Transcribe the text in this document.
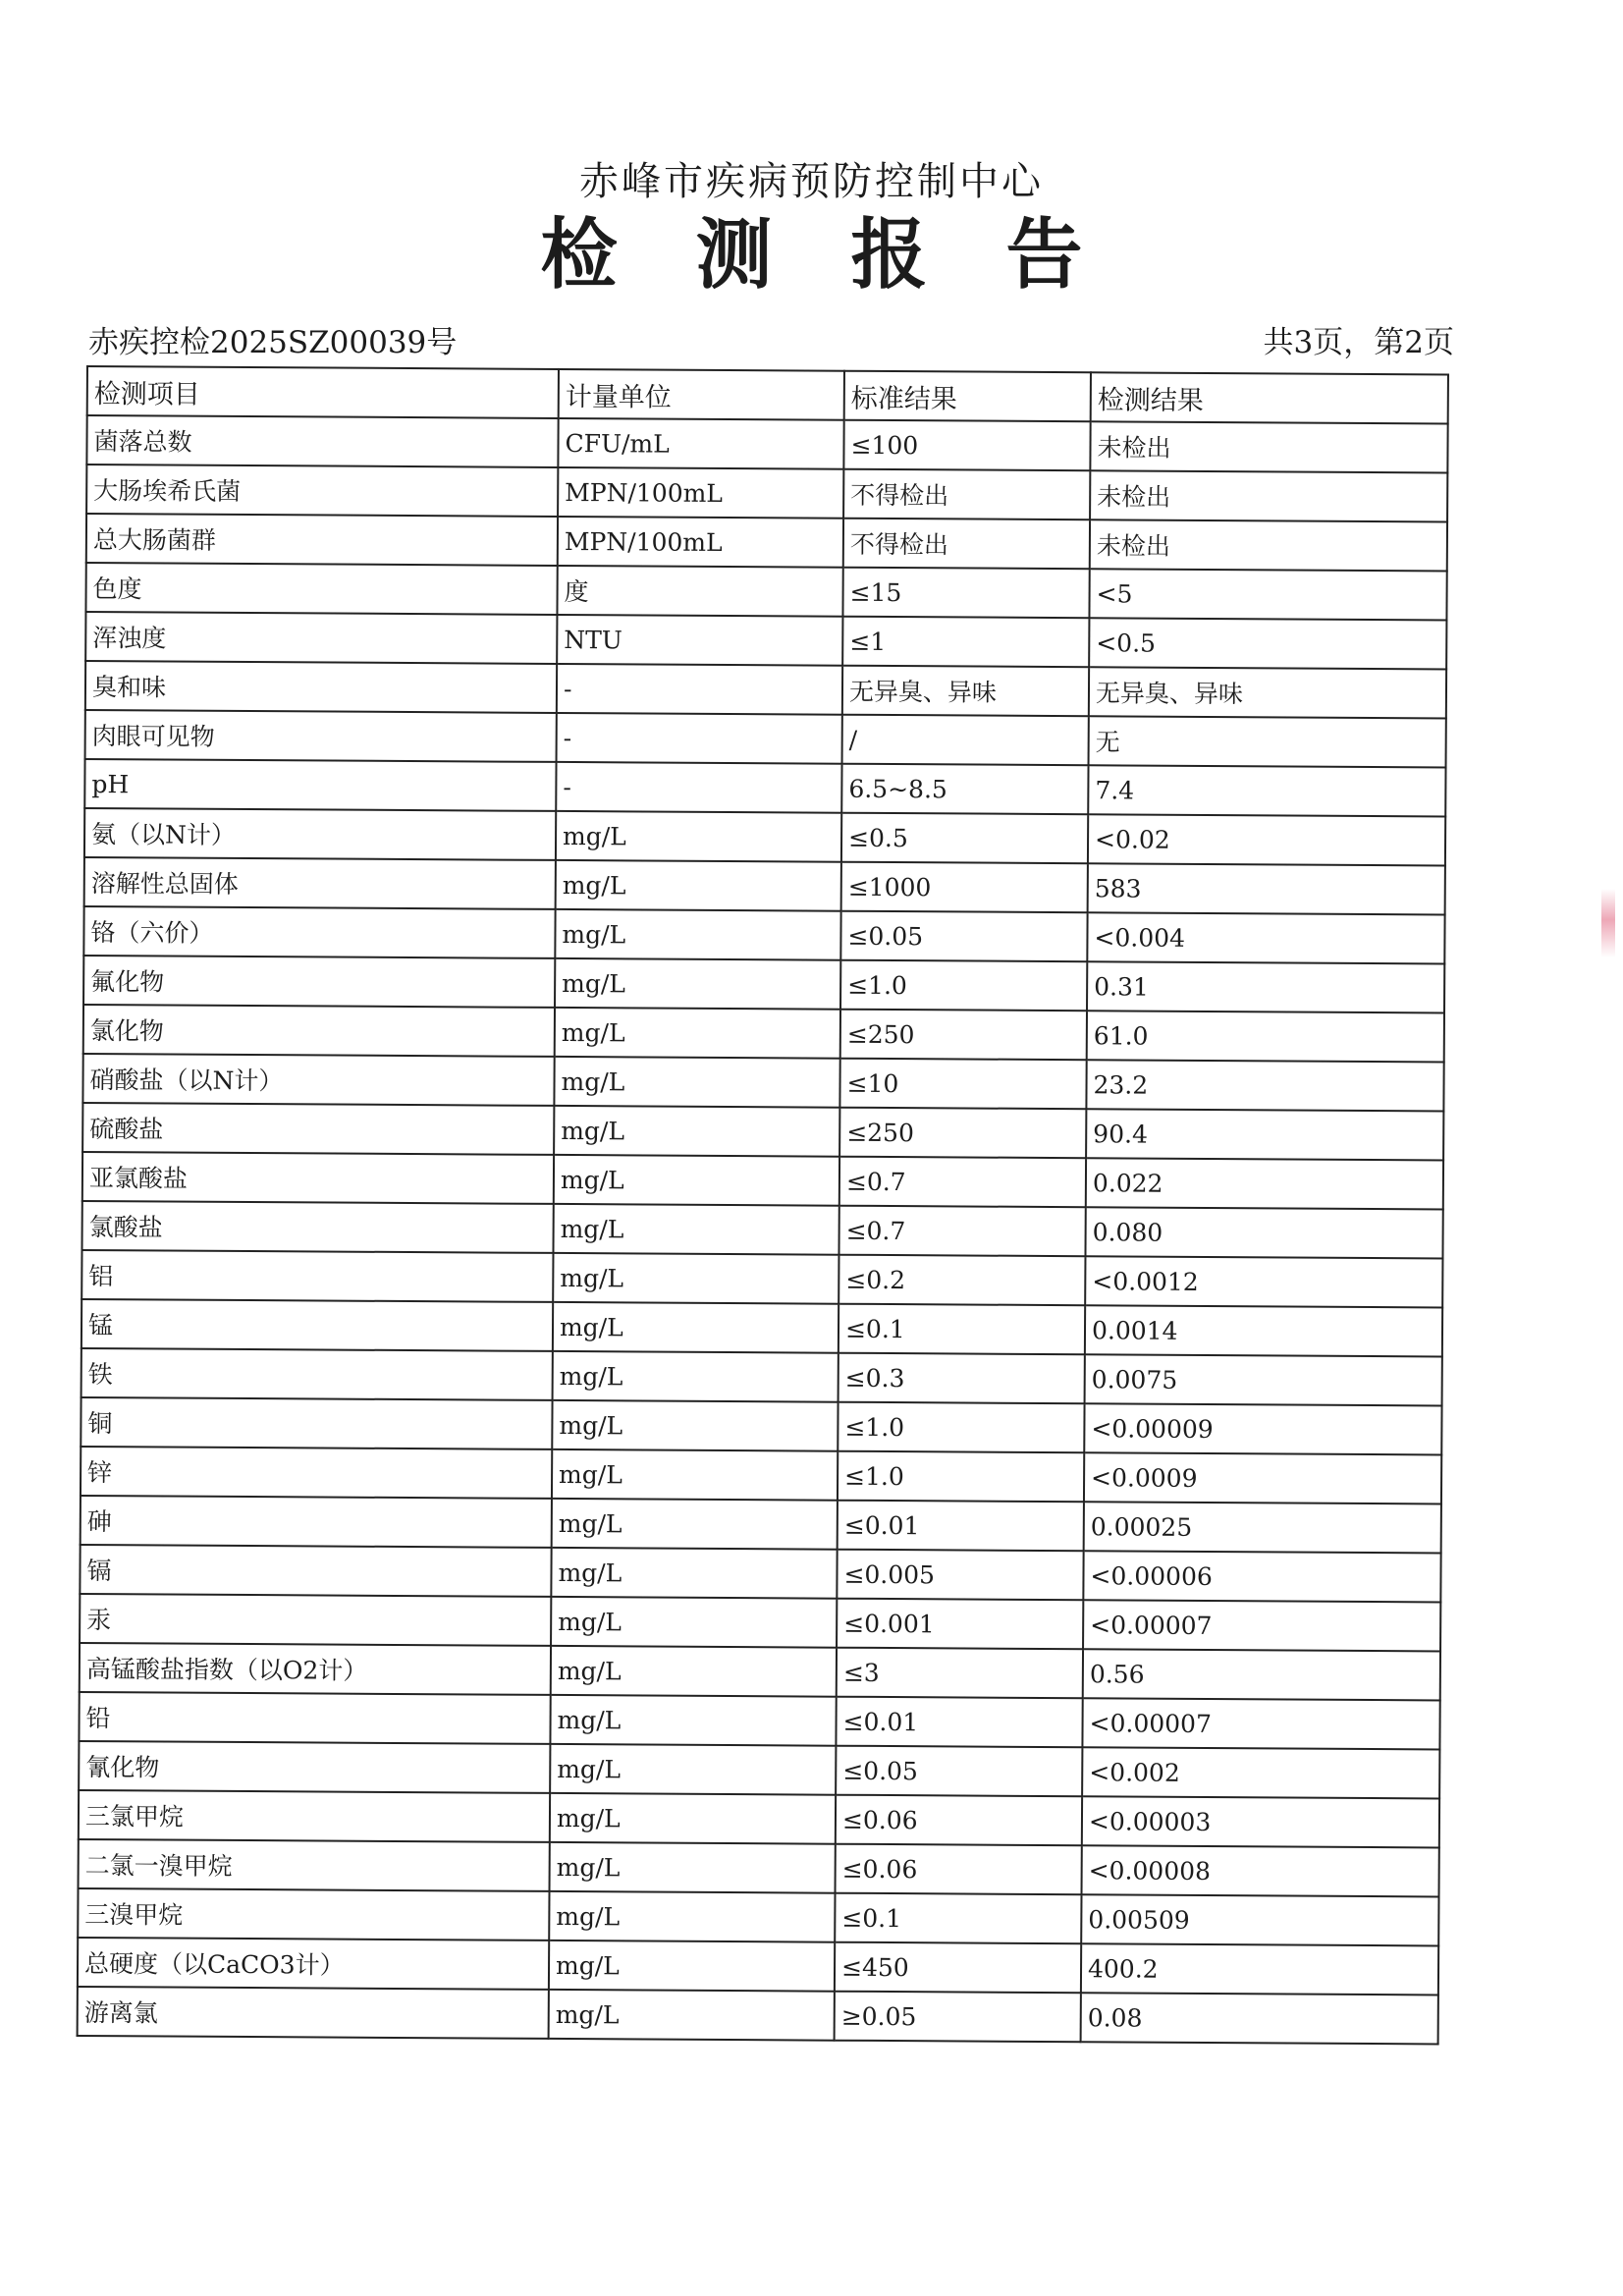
赤峰市疾病预防控制中心
检测报告
赤疾控检2025SZ00039号	共3页，第2页
检测项目	计量单位	标准结果	检测结果
菌落总数	CFU/mL	≤100	未检出
大肠埃希氏菌	MPN/100mL	不得检出	未检出
总大肠菌群	MPN/100mL	不得检出	未检出
色度	度	≤15	<5
浑浊度	NTU	≤1	<0.5
臭和味	-	无异臭、异味	无异臭、异味
肉眼可见物	-	/	无
pH	-	6.5~8.5	7.4
氨（以N计）	mg/L	≤0.5	<0.02
溶解性总固体	mg/L	≤1000	583
铬（六价）	mg/L	≤0.05	<0.004
氟化物	mg/L	≤1.0	0.31
氯化物	mg/L	≤250	61.0
硝酸盐（以N计）	mg/L	≤10	23.2
硫酸盐	mg/L	≤250	90.4
亚氯酸盐	mg/L	≤0.7	0.022
氯酸盐	mg/L	≤0.7	0.080
铝	mg/L	≤0.2	<0.0012
锰	mg/L	≤0.1	0.0014
铁	mg/L	≤0.3	0.0075
铜	mg/L	≤1.0	<0.00009
锌	mg/L	≤1.0	<0.0009
砷	mg/L	≤0.01	0.00025
镉	mg/L	≤0.005	<0.00006
汞	mg/L	≤0.001	<0.00007
高锰酸盐指数（以O2计）	mg/L	≤3	0.56
铅	mg/L	≤0.01	<0.00007
氰化物	mg/L	≤0.05	<0.002
三氯甲烷	mg/L	≤0.06	<0.00003
二氯一溴甲烷	mg/L	≤0.06	<0.00008
三溴甲烷	mg/L	≤0.1	0.00509
总硬度（以CaCO3计）	mg/L	≤450	400.2
游离氯	mg/L	≥0.05	0.08
